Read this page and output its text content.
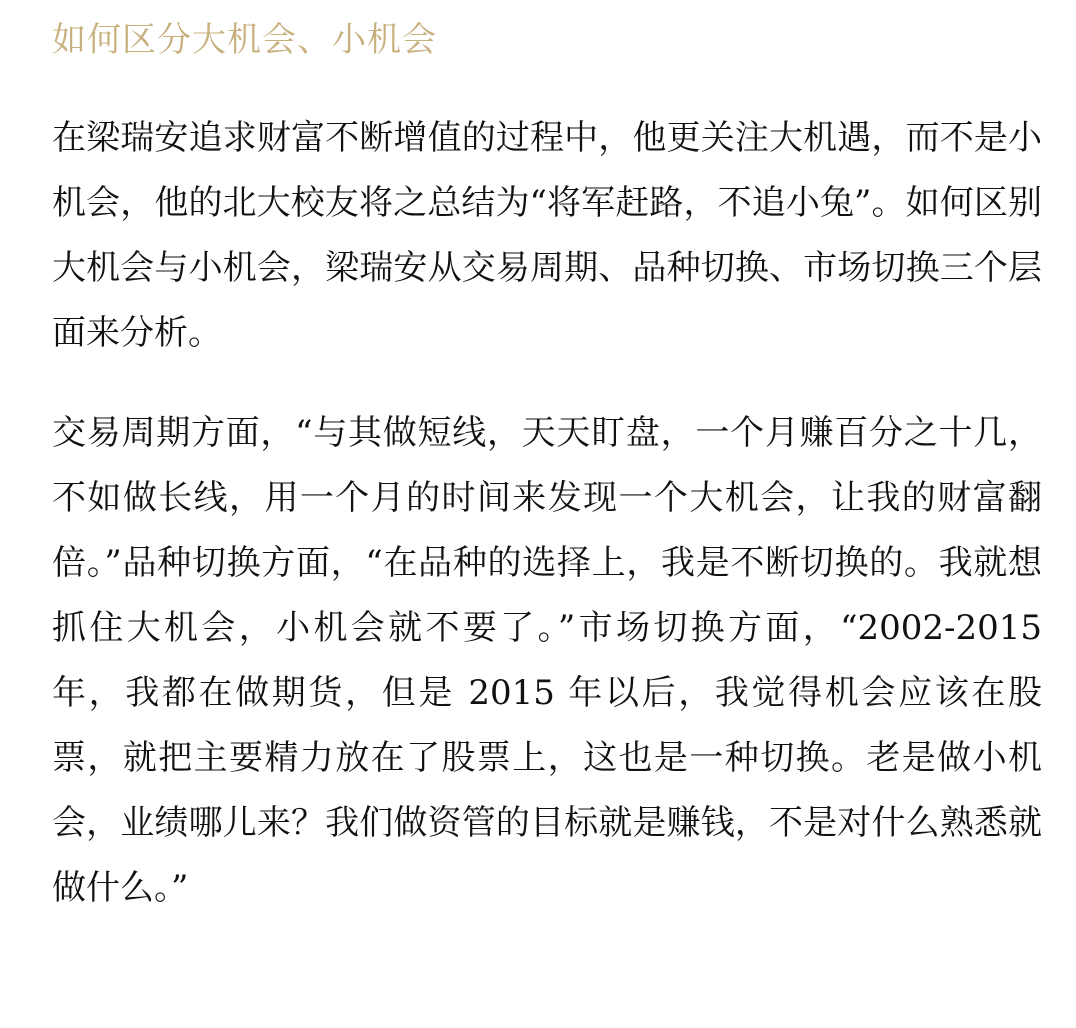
如何区分大机会、小机会

在梁瑞安追求财富不断增值的过程中，他更关注大机遇，而不是小机会，他的北大校友将之总结为“将军赶路，不追小兔”。如何区别大机会与小机会，梁瑞安从交易周期、品种切换、市场切换三个层面来分析。

交易周期方面，“与其做短线，天天盯盘，一个月赚百分之十几，不如做长线，用一个月的时间来发现一个大机会，让我的财富翻倍。”品种切换方面，“在品种的选择上，我是不断切换的。我就想抓住大机会，小机会就不要了。”市场切换方面，“2002-2015 年，我都在做期货，但是 2015 年以后，我觉得机会应该在股票，就把主要精力放在了股票上，这也是一种切换。老是做小机会，业绩哪儿来？我们做资管的目标就是赚钱，不是对什么熟悉就做什么。”
